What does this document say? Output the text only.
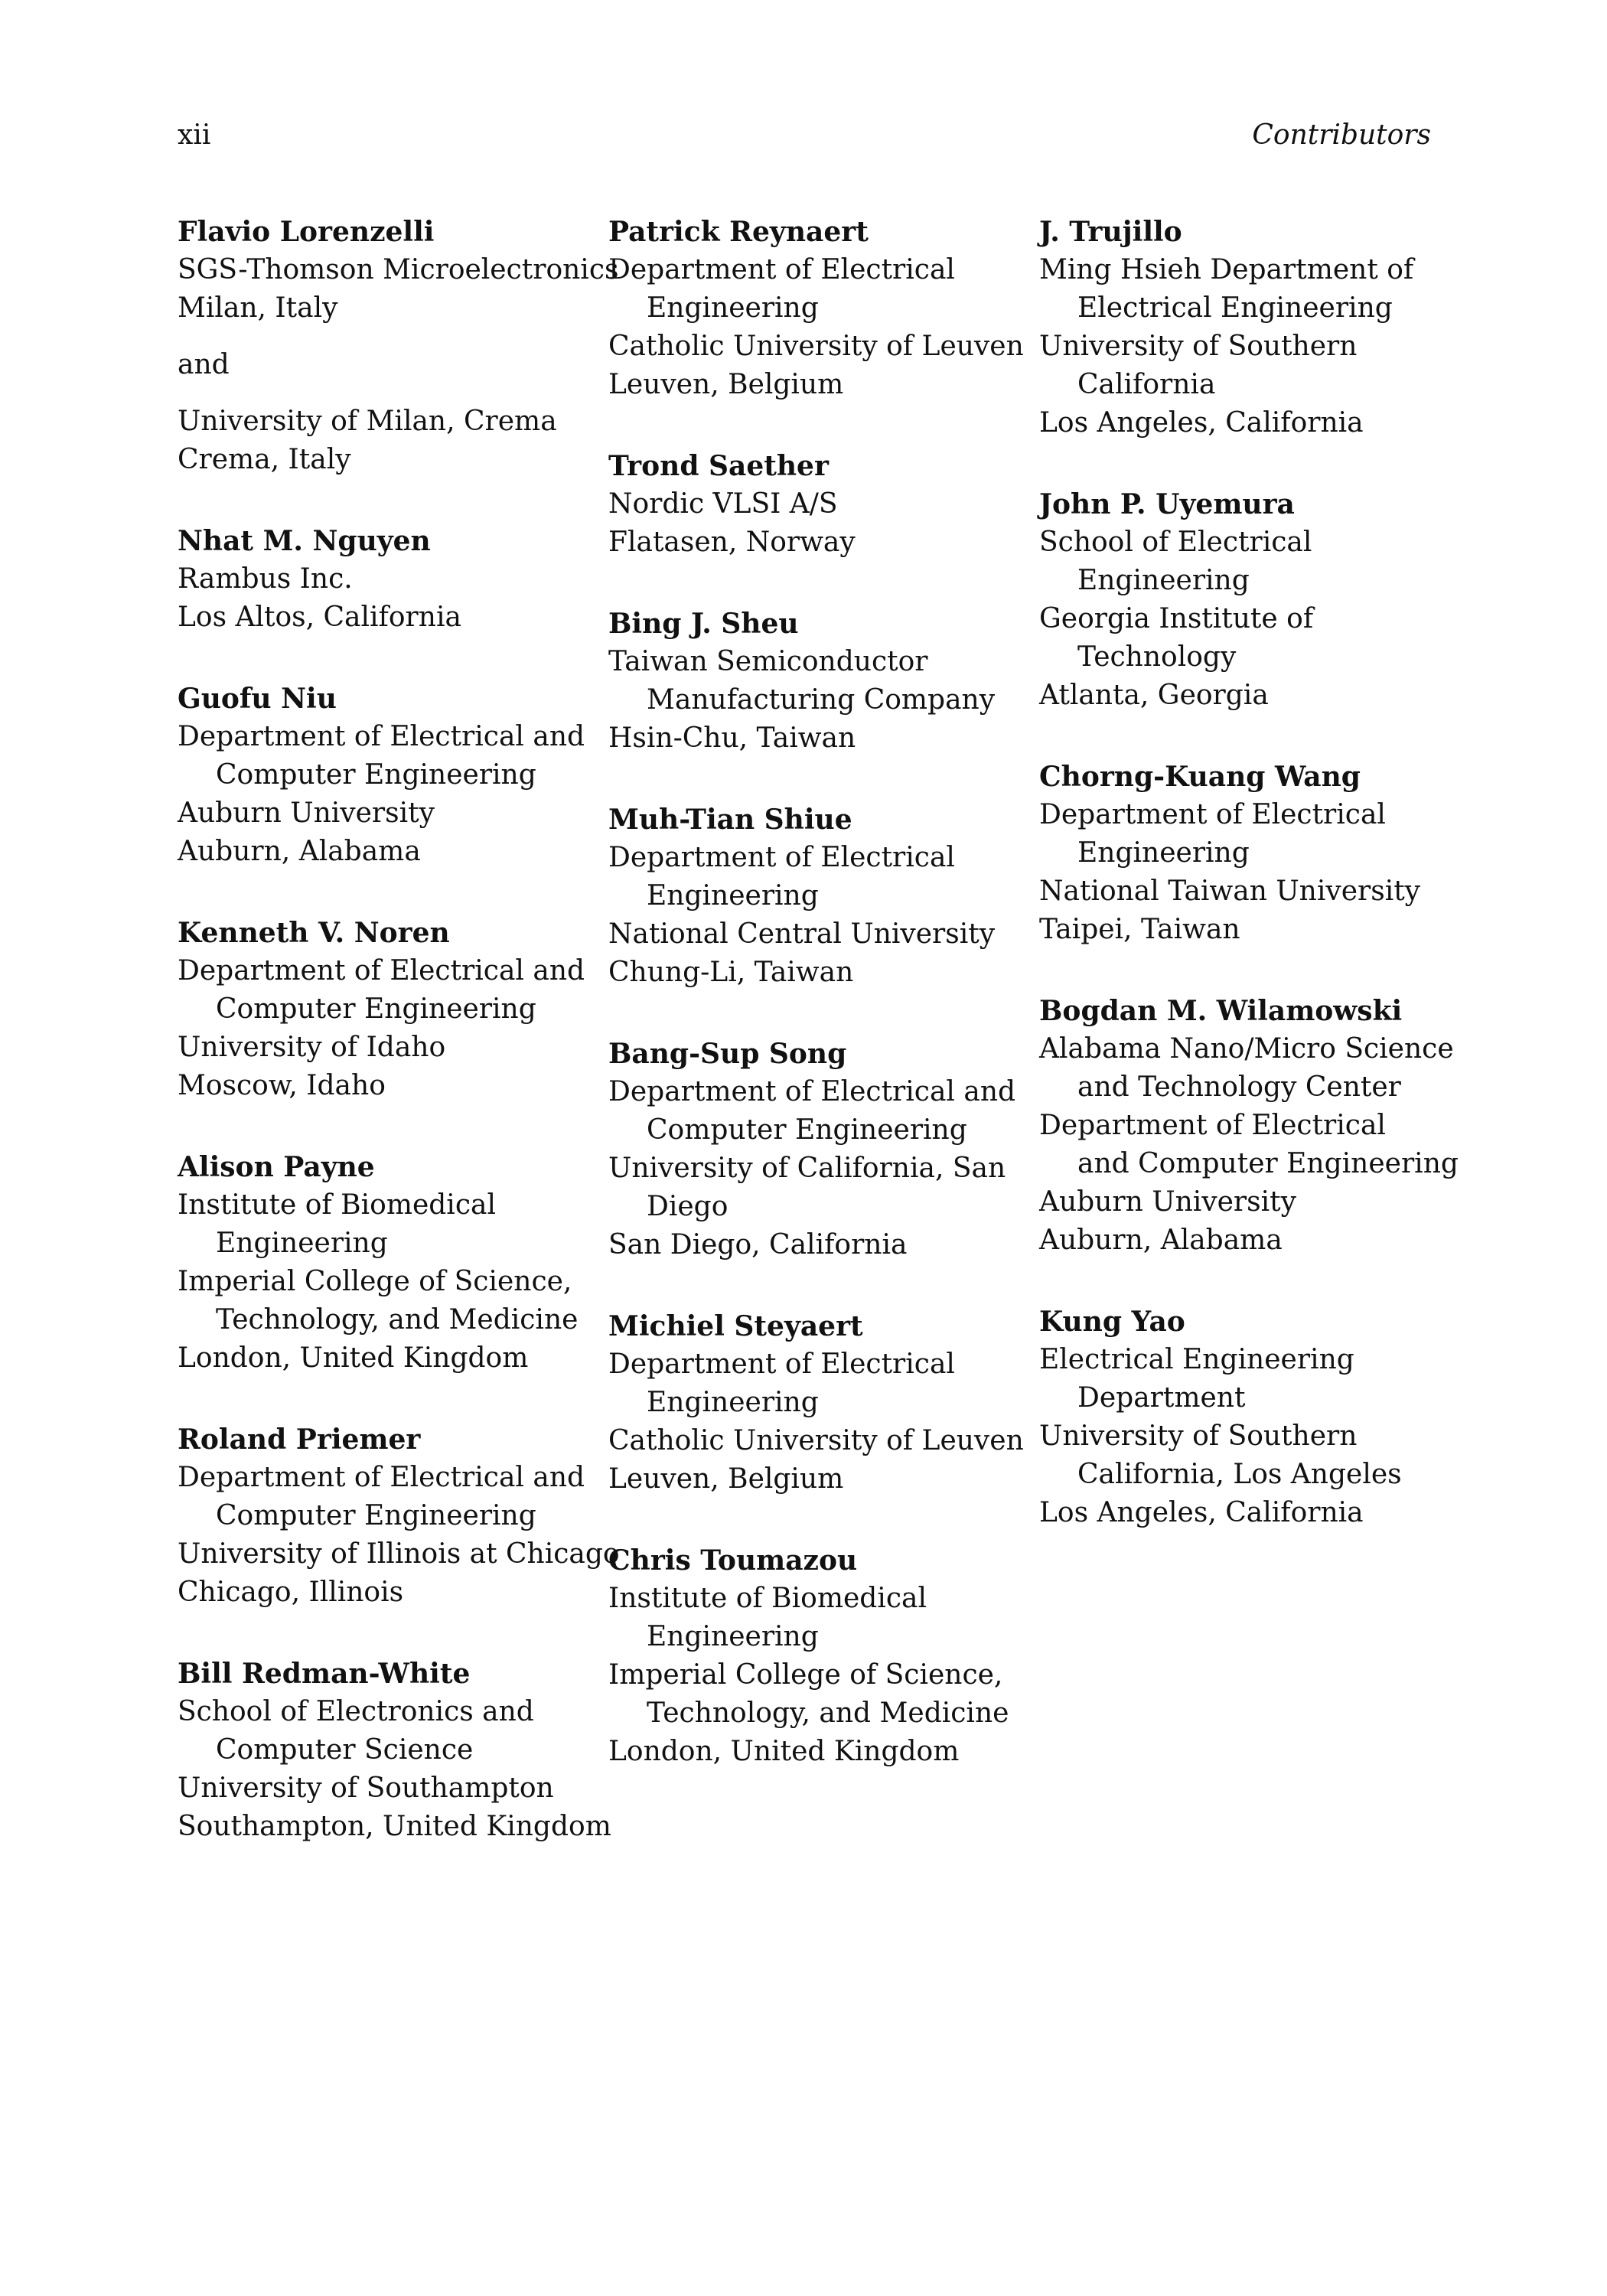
xii	Contributors
Flavio Lorenzelli
SGS-Thomson Microelectronics
Milan, Italy
and
University of Milan, Crema
Crema, Italy
Nhat M. Nguyen
Rambus Inc.
Los Altos, California
Guofu Niu
Department of Electrical and
Computer Engineering
Auburn University
Auburn, Alabama
Kenneth V. Noren
Department of Electrical and
Computer Engineering
University of Idaho
Moscow, Idaho
Alison Payne
Institute of Biomedical
Engineering
Imperial College of Science,
Technology, and Medicine
London, United Kingdom
Roland Priemer
Department of Electrical and
Computer Engineering
University of Illinois at Chicago
Chicago, Illinois
Bill Redman-White
School of Electronics and
Computer Science
University of Southampton
Southampton, United Kingdom
Patrick Reynaert
Department of Electrical
Engineering
Catholic University of Leuven
Leuven, Belgium
Trond Saether
Nordic VLSI A/S
Flatasen, Norway
Bing J. Sheu
Taiwan Semiconductor
Manufacturing Company
Hsin-Chu, Taiwan
Muh-Tian Shiue
Department of Electrical
Engineering
National Central University
Chung-Li, Taiwan
Bang-Sup Song
Department of Electrical and
Computer Engineering
University of California, San
Diego
San Diego, California
Michiel Steyaert
Department of Electrical
Engineering
Catholic University of Leuven
Leuven, Belgium
Chris Toumazou
Institute of Biomedical
Engineering
Imperial College of Science,
Technology, and Medicine
London, United Kingdom
J. Trujillo
Ming Hsieh Department of
Electrical Engineering
University of Southern
California
Los Angeles, California
John P. Uyemura
School of Electrical
Engineering
Georgia Institute of
Technology
Atlanta, Georgia
Chorng-Kuang Wang
Department of Electrical
Engineering
National Taiwan University
Taipei, Taiwan
Bogdan M. Wilamowski
Alabama Nano/Micro Science
and Technology Center
Department of Electrical
and Computer Engineering
Auburn University
Auburn, Alabama
Kung Yao
Electrical Engineering
Department
University of Southern
California, Los Angeles
Los Angeles, California
